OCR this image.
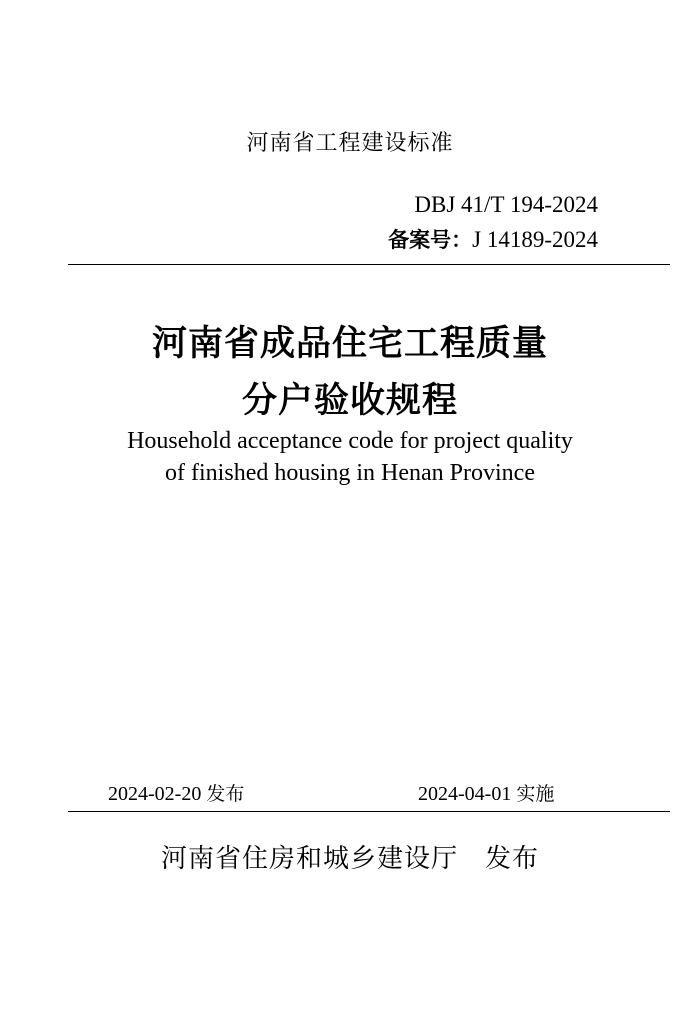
河南省工程建设标准
DBJ 41/T 194-2024
备案号：J 14189-2024
河南省成品住宅工程质量
分户验收规程
Household acceptance code for project quality
of finished housing in Henan Province
2024-02-20 发布	2024-04-01 实施
河南省住房和城乡建设厅　发布
